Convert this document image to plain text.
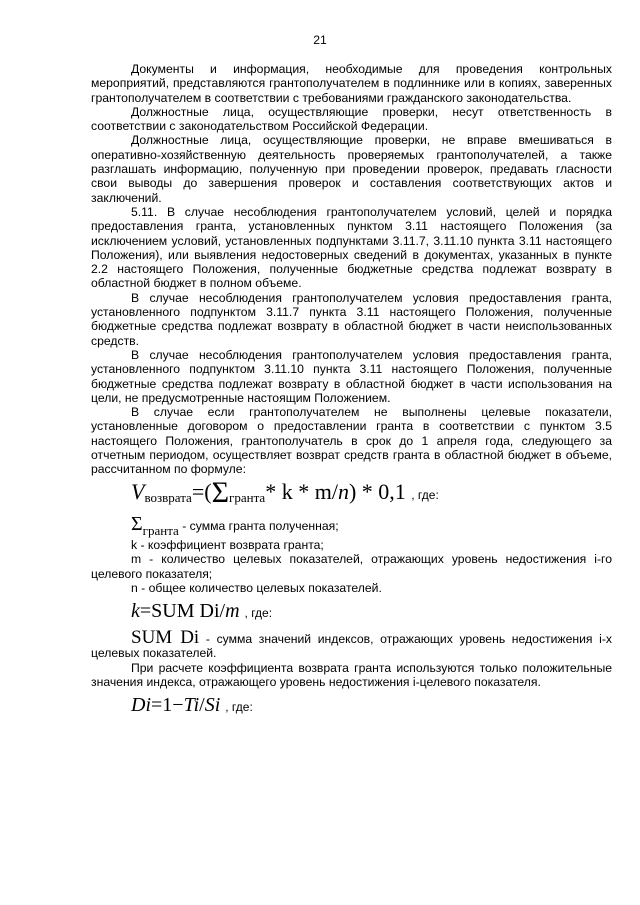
21

Документы и информация, необходимые для проведения контрольных мероприятий, представляются грантополучателем в подлиннике или в копиях, заверенных грантополучателем в соответствии с требованиями гражданского законодательства.

Должностные лица, осуществляющие проверки, несут ответственность в соответствии с законодательством Российской Федерации.

Должностные лица, осуществляющие проверки, не вправе вмешиваться в оперативно-хозяйственную деятельность проверяемых грантополучателей, а также разглашать информацию, полученную при проведении проверок, предавать гласности свои выводы до завершения проверок и составления соответствующих актов и заключений.

5.11. В случае несоблюдения грантополучателем условий, целей и порядка предоставления гранта, установленных пунктом 3.11 настоящего Положения (за исключением условий, установленных подпунктами 3.11.7, 3.11.10 пункта 3.11 настоящего Положения), или выявления недостоверных сведений в документах, указанных в пункте 2.2 настоящего Положения, полученные бюджетные средства подлежат возврату в областной бюджет в полном объеме.

В случае несоблюдения грантополучателем условия предоставления гранта, установленного подпунктом 3.11.7 пункта 3.11 настоящего Положения, полученные бюджетные средства подлежат возврату в областной бюджет в части неиспользованных средств.

В случае несоблюдения грантополучателем условия предоставления гранта, установленного подпунктом 3.11.10 пункта 3.11 настоящего Положения, полученные бюджетные средства подлежат возврату в областной бюджет в части использования на цели, не предусмотренные настоящим Положением.

В случае если грантополучателем не выполнены целевые показатели, установленные договором о предоставлении гранта в соответствии с пунктом 3.5 настоящего Положения, грантополучатель в срок до 1 апреля года, следующего за отчетным периодом, осуществляет возврат средств гранта в областной бюджет в объеме, рассчитанном по формуле:

$V_{возврата}=(\Sigma_{гранта}*$ k * m/n) * 0,1 , где:
Σгранта - сумма гранта полученная;

k - коэффициент возврата гранта;

m - количество целевых показателей, отражающих уровень недостижения i-го целевого показателя;

n - общее количество целевых показателей.

k=SUM Di/m , где:

SUM Di - сумма значений индексов, отражающих уровень недостижения i-х целевых показателей.

При расчете коэффициента возврата гранта используются только положительные значения индекса, отражающего уровень недостижения i-целевого показателя.

Di=1−Ti/Si , где:
